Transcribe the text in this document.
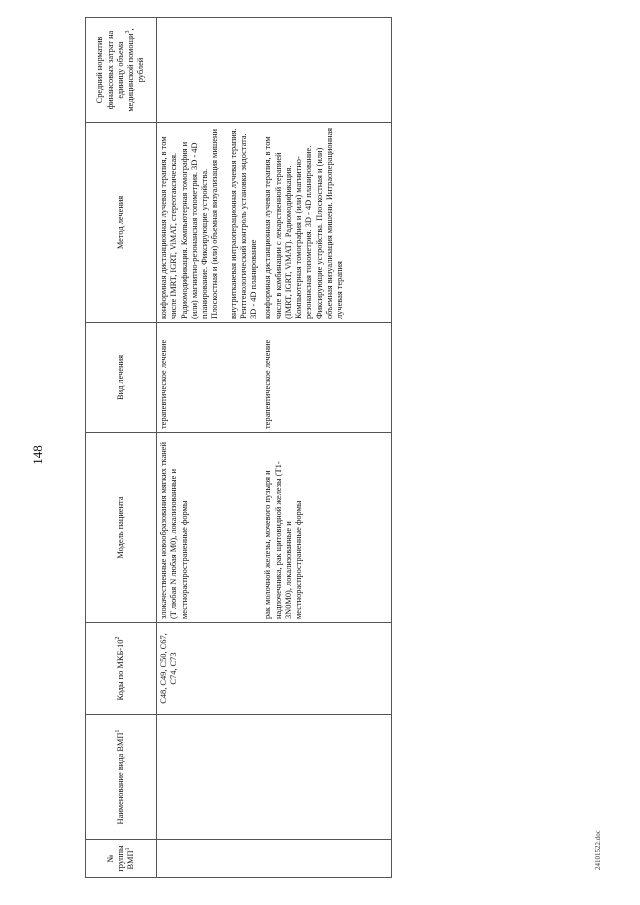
148
24101522.doc
№ группы ВМП$^1$	Наименование вида ВМП$^1$	Коды по МКБ-$10^2$	Модель пациента	Вид лечения	Метод лечения	Средний норматив финансовых затрат на единицу объема медицинской помощи$^3$, рублей
		C48, C49, C50, C67, C74, C73	злокачественные новообразования мягких тканей (T любая N любая M0), локализованные и местнораспространенные формы	терапевтическое лечение	конформная дистанционная лучевая терапия, в том числе IMRT, IGRT, ViMAT, стереотаксическая. Радиомодификация. Компьютерная томография и (или) магнитно-резонансная топометрия. 3D - 4D планирование. Фиксирующие устройства. Плоскостная и (или) объемная визуализация мишени внутритканевая интраоперационная лучевая терапия. Рентгенологический контроль установки эндостата. 3D - 4D планирование	

			рак молочной железы, мочевого пузыря и надпочечника, рак щитовидной железы (T1-3N0M0), локализованные и местнораспространенные формы	терапевтическое лечение	конформная дистанционная лучевая терапия, в том числе в комбинации с лекарственной терапией (IMRT, IGRT, ViMAT). Радиомодификация. Компьютерная томография и (или) магнитно-резонансная топометрия. 3D - 4D планирование. Фиксирующие устройства. Плоскостная и (или) объемная визуализация мишени. Интраоперационная лучевая терапия	
